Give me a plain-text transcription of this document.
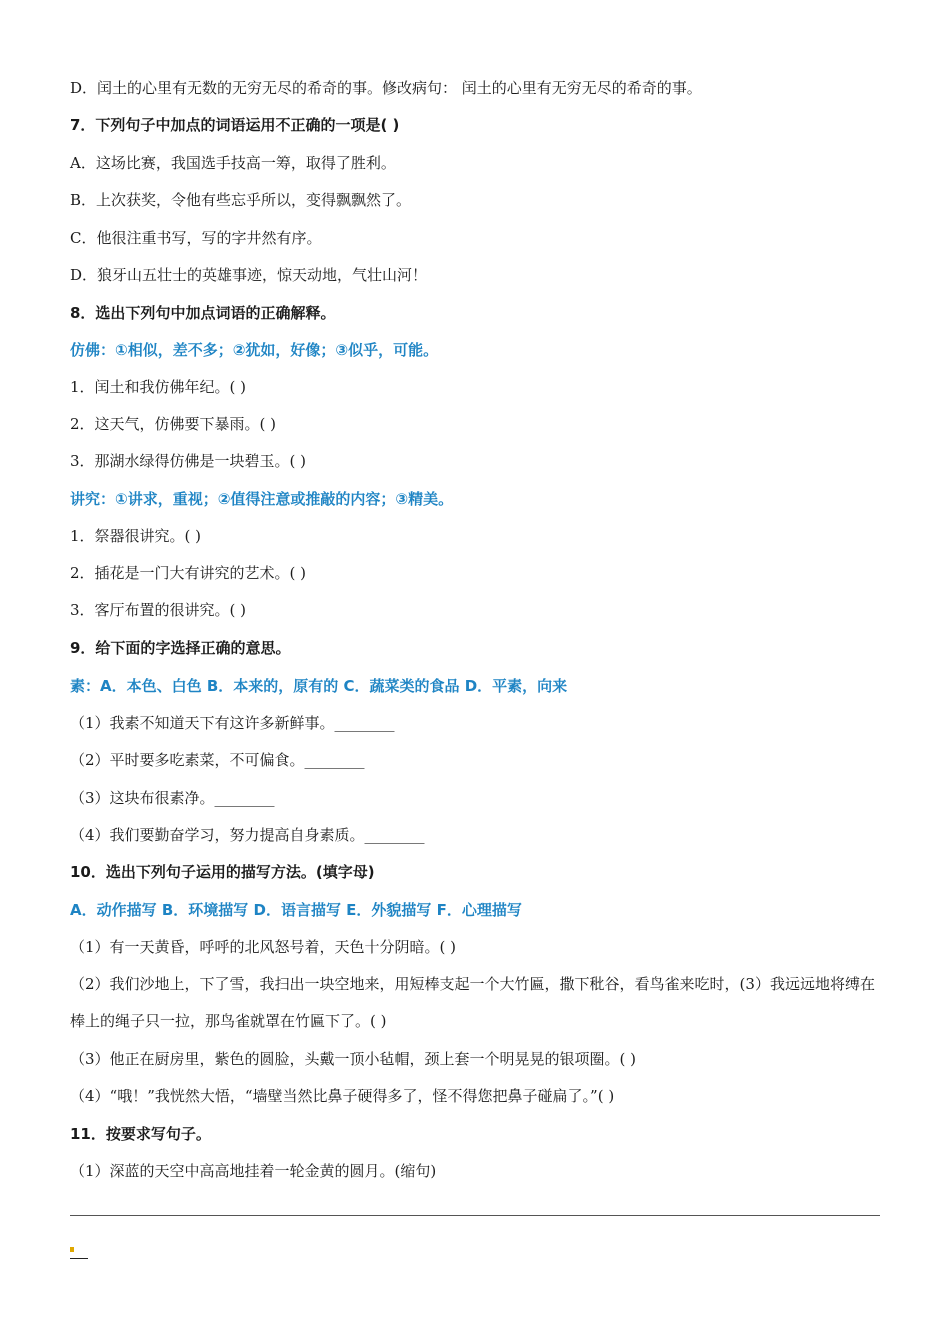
D．闰土的心里有无数的无穷无尽的希奇的事。修改病句： 闰土的心里有无穷无尽的希奇的事。
7．下列句子中加点的词语运用不正确的一项是( )
A．这场比赛，我国选手技高一筹，取得了胜利。
B．上次获奖，令他有些忘乎所以，变得飘飘然了。
C．他很注重书写，写的字井然有序。
D．狼牙山五壮士的英雄事迹，惊天动地，气壮山河！
8．选出下列句中加点词语的正确解释。
仿佛：①相似，差不多；②犹如，好像；③似乎，可能。
1．闰土和我仿佛年纪。( )
2．这天气，仿佛要下暴雨。( )
3．那湖水绿得仿佛是一块碧玉。( )
讲究：①讲求，重视；②值得注意或推敲的内容；③精美。
1．祭器很讲究。( )
2．插花是一门大有讲究的艺术。( )
3．客厅布置的很讲究。( )
9．给下面的字选择正确的意思。
素：A．本色、白色 B．本来的，原有的 C．蔬菜类的食品 D．平素，向来
（1）我素不知道天下有这许多新鲜事。________
（2）平时要多吃素菜，不可偏食。________
（3）这块布很素净。________
（4）我们要勤奋学习，努力提高自身素质。________
10．选出下列句子运用的描写方法。(填字母)
A．动作描写 B．环境描写 D．语言描写 E．外貌描写 F．心理描写
（1）有一天黄昏，呼呼的北风怒号着，天色十分阴暗。( )
（2）我们沙地上，下了雪，我扫出一块空地来，用短棒支起一个大竹匾，撒下秕谷，看鸟雀来吃时，(3）我远远地将缚在棒上的绳子只一拉，那鸟雀就罩在竹匾下了。( )
（3）他正在厨房里，紫色的圆脸，头戴一顶小毡帽，颈上套一个明晃晃的银项圈。( )
（4）“哦！”我恍然大悟，“墙壁当然比鼻子硬得多了，怪不得您把鼻子碰扁了。”( )
11．按要求写句子。
（1）深蓝的天空中高高地挂着一轮金黄的圆月。(缩句)
